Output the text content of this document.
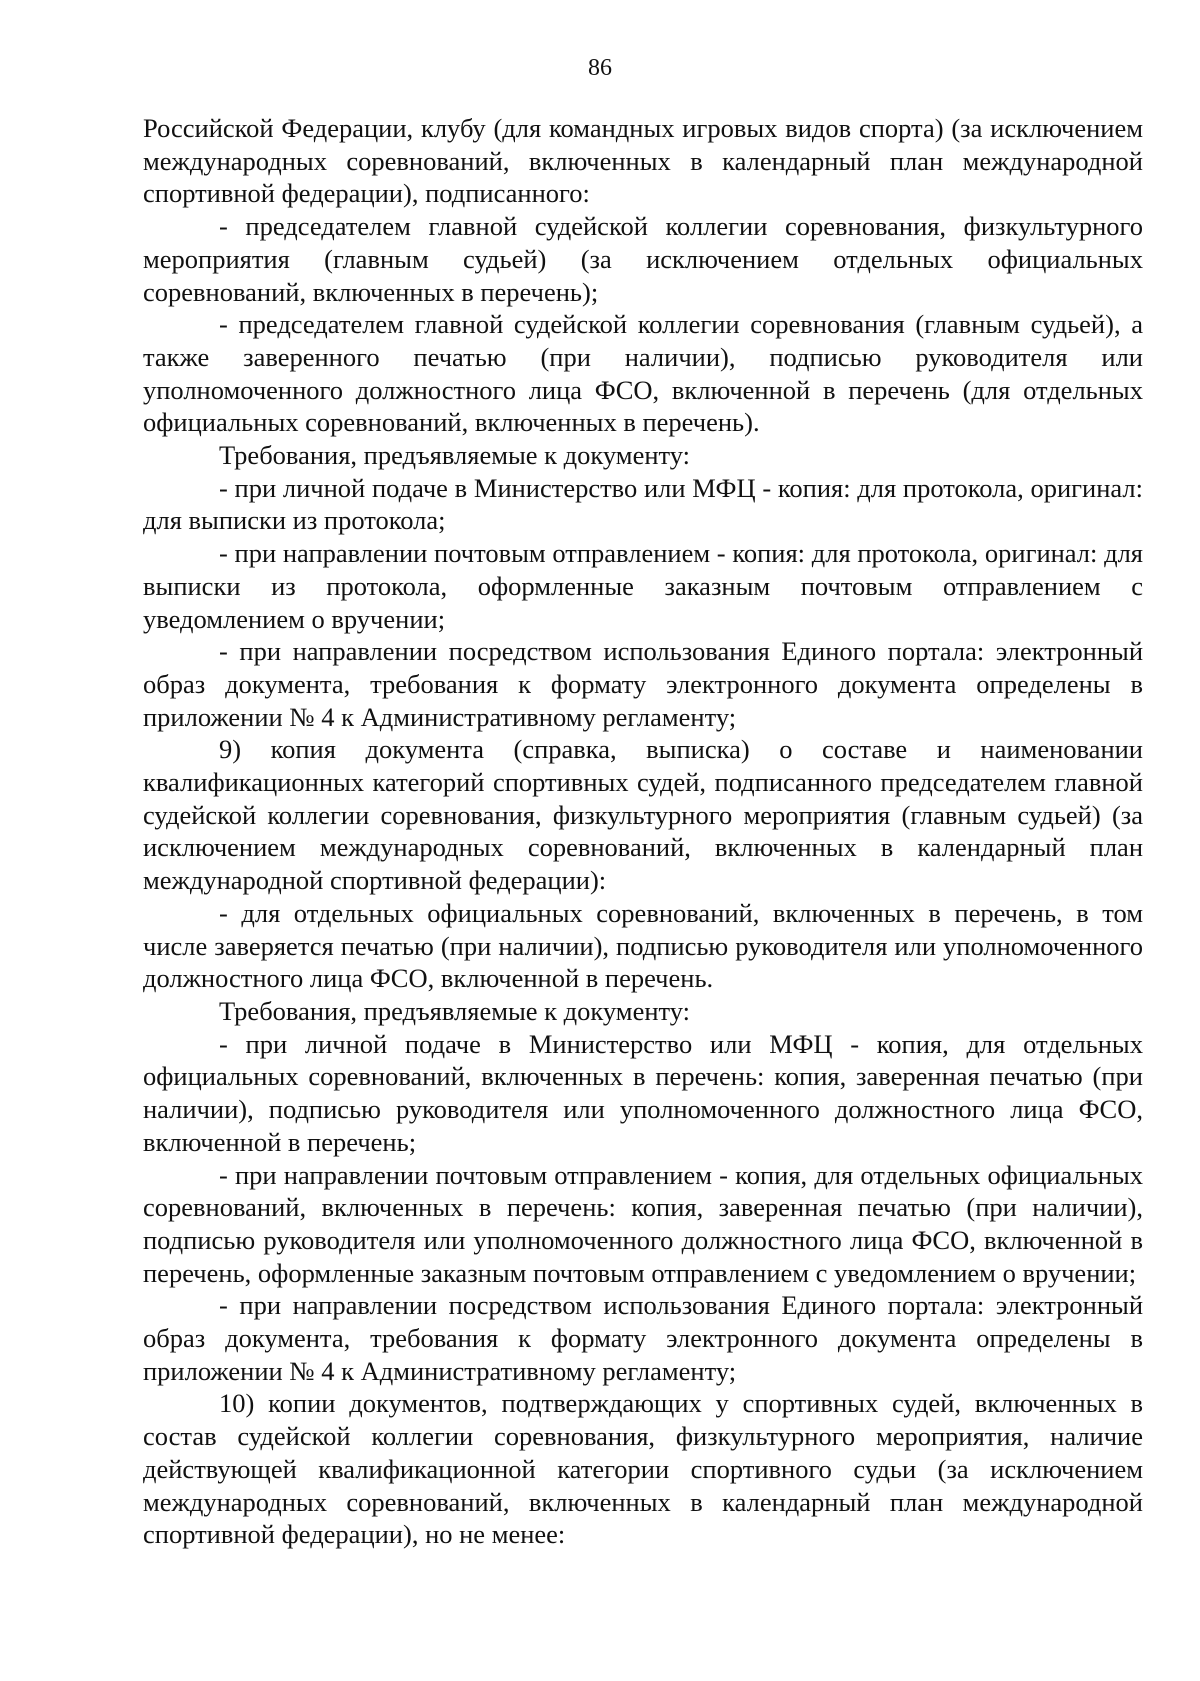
86

Российской Федерации, клубу (для командных игровых видов спорта) (за исключением международных соревнований, включенных в календарный план международной спортивной федерации), подписанного:

- председателем главной судейской коллегии соревнования, физкультурного мероприятия (главным судьей) (за исключением отдельных официальных соревнований, включенных в перечень);

- председателем главной судейской коллегии соревнования (главным судьей), а также заверенного печатью (при наличии), подписью руководителя или уполномоченного должностного лица ФСО, включенной в перечень (для отдельных официальных соревнований, включенных в перечень).

Требования, предъявляемые к документу:

- при личной подаче в Министерство или МФЦ - копия: для протокола, оригинал: для выписки из протокола;

- при направлении почтовым отправлением - копия: для протокола, оригинал: для выписки из протокола, оформленные заказным почтовым отправлением с уведомлением о вручении;

- при направлении посредством использования Единого портала: электронный образ документа, требования к формату электронного документа определены в приложении № 4 к Административному регламенту;

9) копия документа (справка, выписка) о составе и наименовании квалификационных категорий спортивных судей, подписанного председателем главной судейской коллегии соревнования, физкультурного мероприятия (главным судьей) (за исключением международных соревнований, включенных в календарный план международной спортивной федерации):

- для отдельных официальных соревнований, включенных в перечень, в том числе заверяется печатью (при наличии), подписью руководителя или уполномоченного должностного лица ФСО, включенной в перечень.

Требования, предъявляемые к документу:

- при личной подаче в Министерство или МФЦ - копия, для отдельных официальных соревнований, включенных в перечень: копия, заверенная печатью (при наличии), подписью руководителя или уполномоченного должностного лица ФСО, включенной в перечень;

- при направлении почтовым отправлением - копия, для отдельных официальных соревнований, включенных в перечень: копия, заверенная печатью (при наличии), подписью руководителя или уполномоченного должностного лица ФСО, включенной в перечень, оформленные заказным почтовым отправлением с уведомлением о вручении;

- при направлении посредством использования Единого портала: электронный образ документа, требования к формату электронного документа определены в приложении № 4 к Административному регламенту;

10) копии документов, подтверждающих у спортивных судей, включенных в состав судейской коллегии соревнования, физкультурного мероприятия, наличие действующей квалификационной категории спортивного судьи (за исключением международных соревнований, включенных в календарный план международной спортивной федерации), но не менее:
